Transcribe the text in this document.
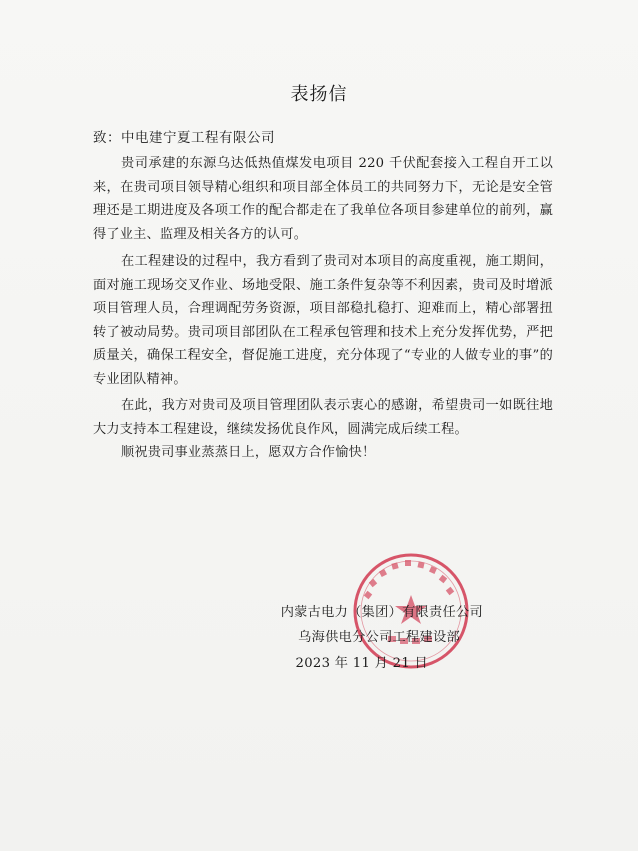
表扬信
致：中电建宁夏工程有限公司
贵司承建的东源乌达低热值煤发电项目 220 千伏配套接入工程自开工以来，在贵司项目领导精心组织和项目部全体员工的共同努力下，无论是安全管理还是工期进度及各项工作的配合都走在了我单位各项目参建单位的前列，赢得了业主、监理及相关各方的认可。
在工程建设的过程中，我方看到了贵司对本项目的高度重视，施工期间，面对施工现场交叉作业、场地受限、施工条件复杂等不利因素，贵司及时增派项目管理人员，合理调配劳务资源，项目部稳扎稳打、迎难而上，精心部署扭转了被动局势。贵司项目部团队在工程承包管理和技术上充分发挥优势，严把质量关，确保工程安全，督促施工进度，充分体现了“专业的人做专业的事”的专业团队精神。
在此，我方对贵司及项目管理团队表示衷心的感谢，希望贵司一如既往地大力支持本工程建设，继续发扬优良作风，圆满完成后续工程。
顺祝贵司事业蒸蒸日上，愿双方合作愉快！
内蒙古电力（集团）有限责任公司
乌海供电分公司工程建设部
2023 年 11 月 21 日
